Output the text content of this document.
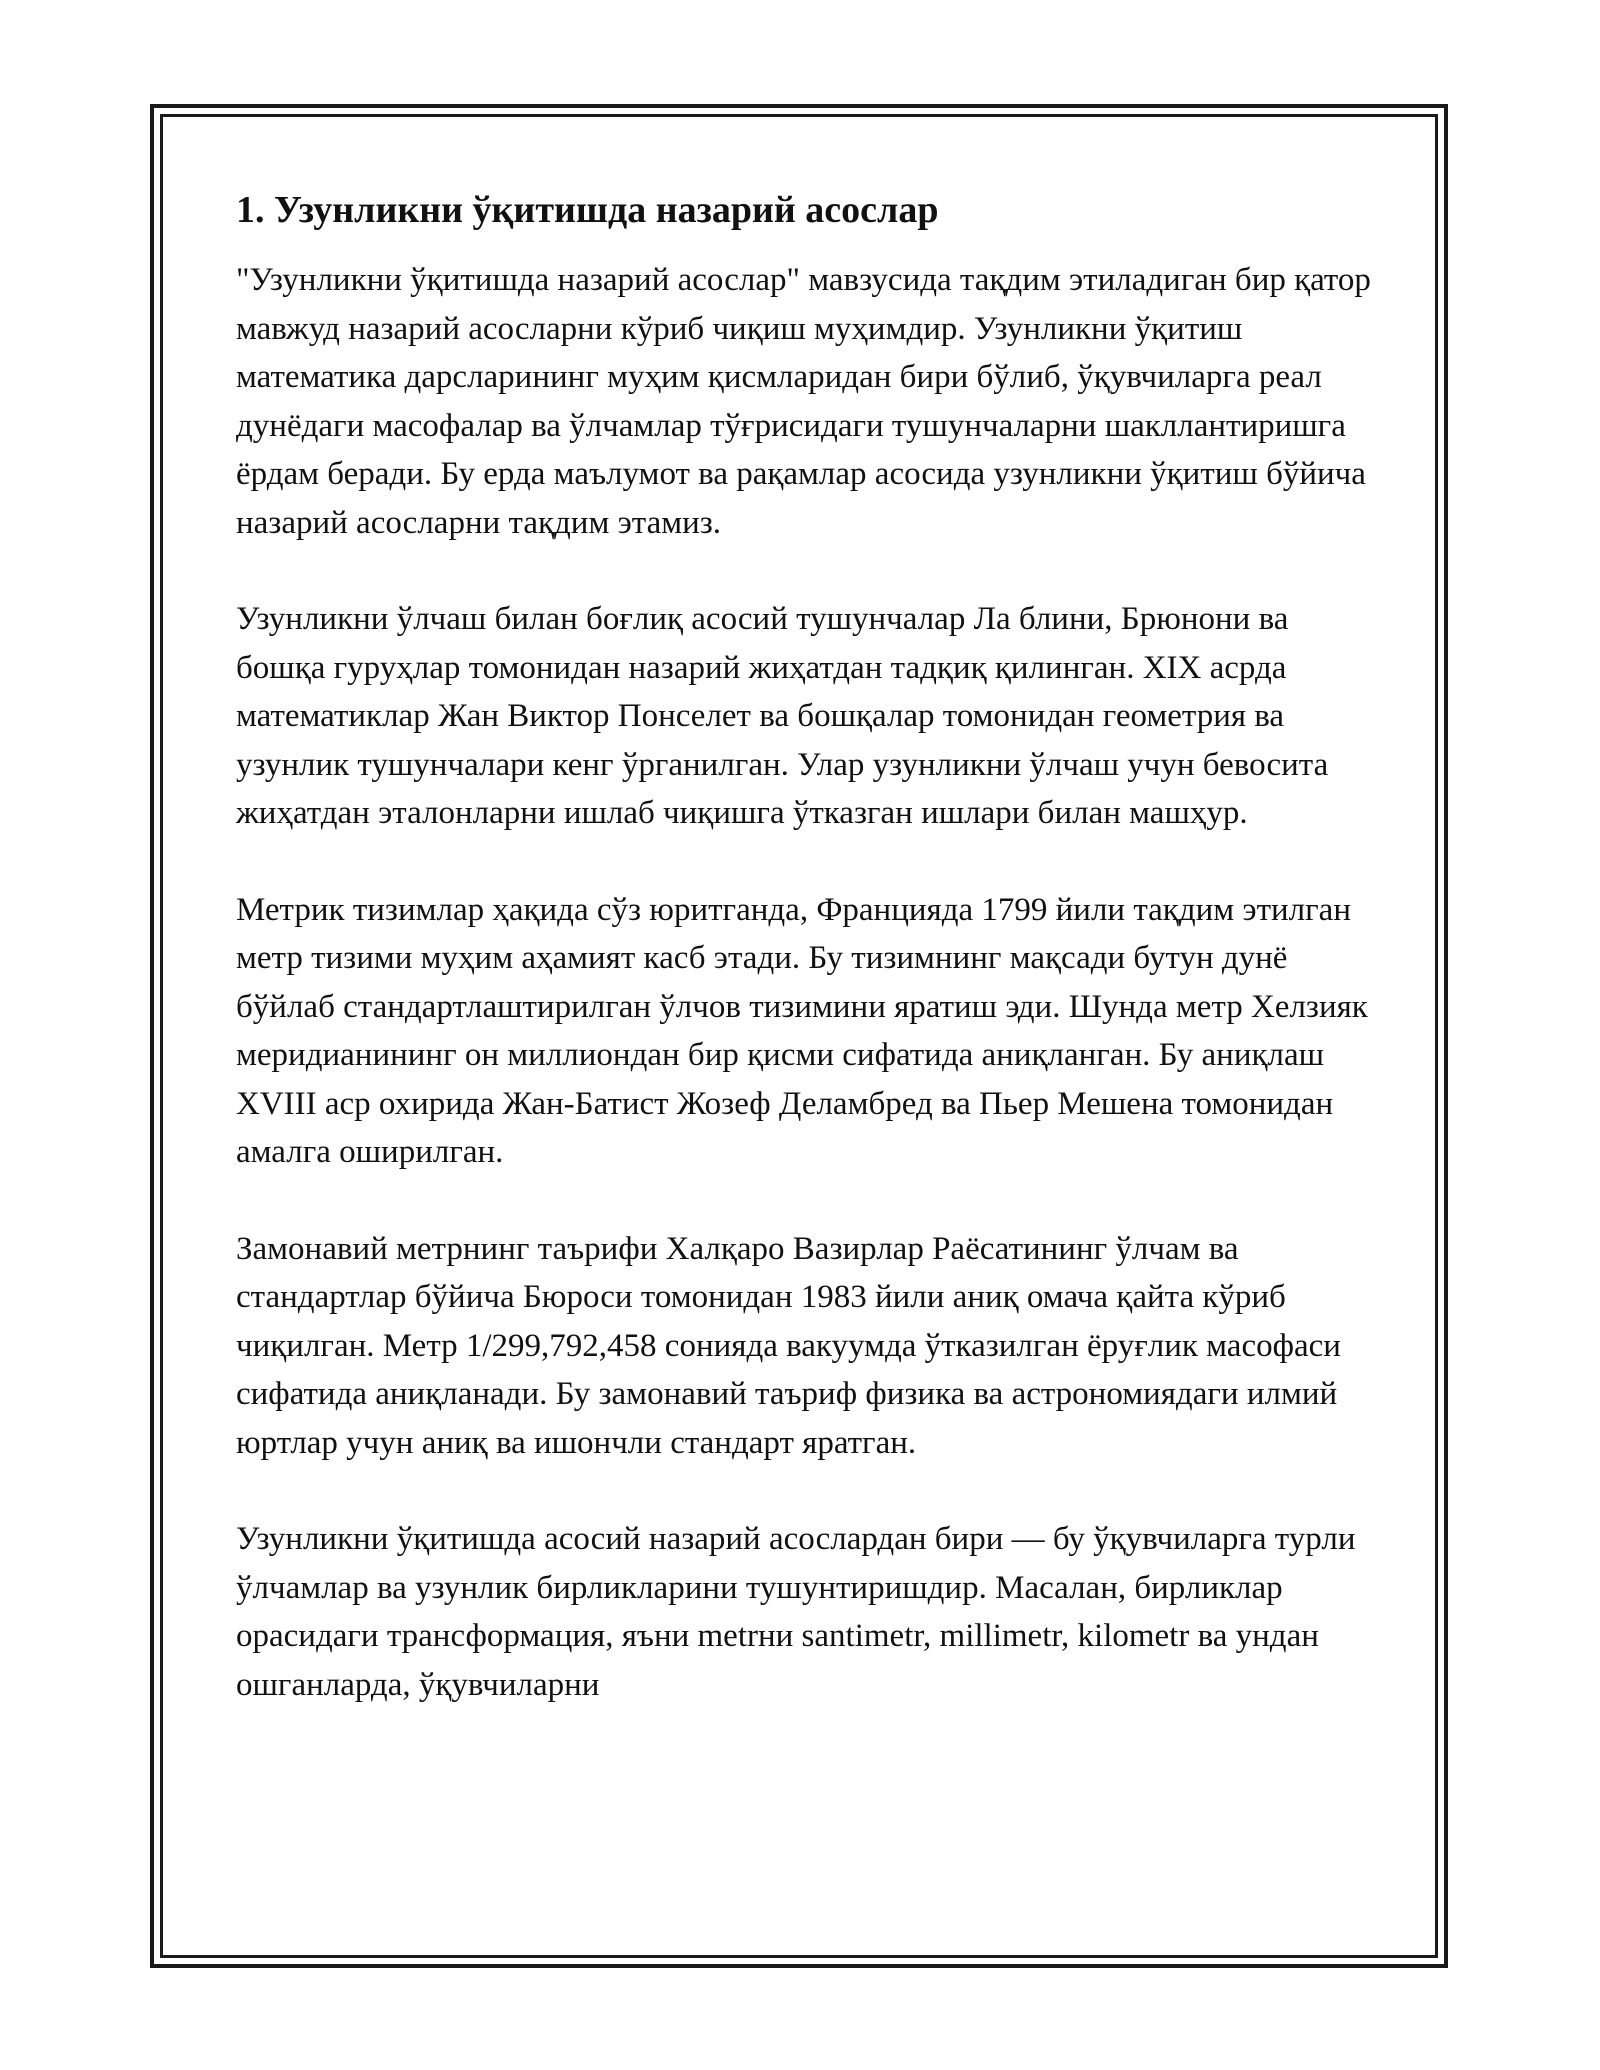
1. Узунликни ўқитишда назарий асослар

"Узунликни ўқитишда назарий асослар" мавзусида тақдим этиладиган бир қатор мавжуд назарий асосларни кўриб чиқиш муҳимдир. Узунликни ўқитиш математика дарсларининг муҳим қисмларидан бири бўлиб, ўқувчиларга реал дунёдаги масофалар ва ўлчамлар тўғрисидаги тушунчаларни шакллантиришга ёрдам беради. Бу ерда маълумот ва рақамлар асосида узунликни ўқитиш бўйича назарий асосларни тақдим этамиз.

Узунликни ўлчаш билан боғлиқ асосий тушунчалар Ла блини, Брюнони ва бошқа гуруҳлар томонидан назарий жиҳатдан тадқиқ қилинган. XIX асрда математиклар Жан Виктор Понселет ва бошқалар томонидан геометрия ва узунлик тушунчалари кенг ўрганилган. Улар узунликни ўлчаш учун бевосита жиҳатдан эталонларни ишлаб чиқишга ўтказган ишлари билан машҳур.

Метрик тизимлар ҳақида сўз юритганда, Францияда 1799 йили тақдим этилган метр тизими муҳим аҳамият касб этади. Бу тизимнинг мақсади бутун дунё бўйлаб стандартлаштирилган ўлчов тизимини яратиш эди. Шунда метр Хелзияк меридианининг он миллиондан бир қисми сифатида аниқланган. Бу аниқлаш XVIII аср охирида Жан-Батист Жозеф Деламбред ва Пьер Мешена томонидан амалга оширилган.

Замонавий метрнинг таърифи Халқаро Вазирлар Раёсатининг ўлчам ва стандартлар бўйича Бюроси томонидан 1983 йили аниқ омача қайта кўриб чиқилган. Метр 1/299,792,458 сонияда вакуумда ўтказилган ёруғлик масофаси сифатида аниқланади. Бу замонавий таъриф физика ва астрономиядаги илмий юртлар учун аниқ ва ишончли стандарт яратган.

Узунликни ўқитишда асосий назарий асослардан бири — бу ўқувчиларга турли ўлчамлар ва узунлик бирликларини тушунтиришдир. Масалан, бирликлар орасидаги трансформация, яъни metrни santimetr, millimetr, kilometr ва ундан ошганларда, ўқувчиларни
